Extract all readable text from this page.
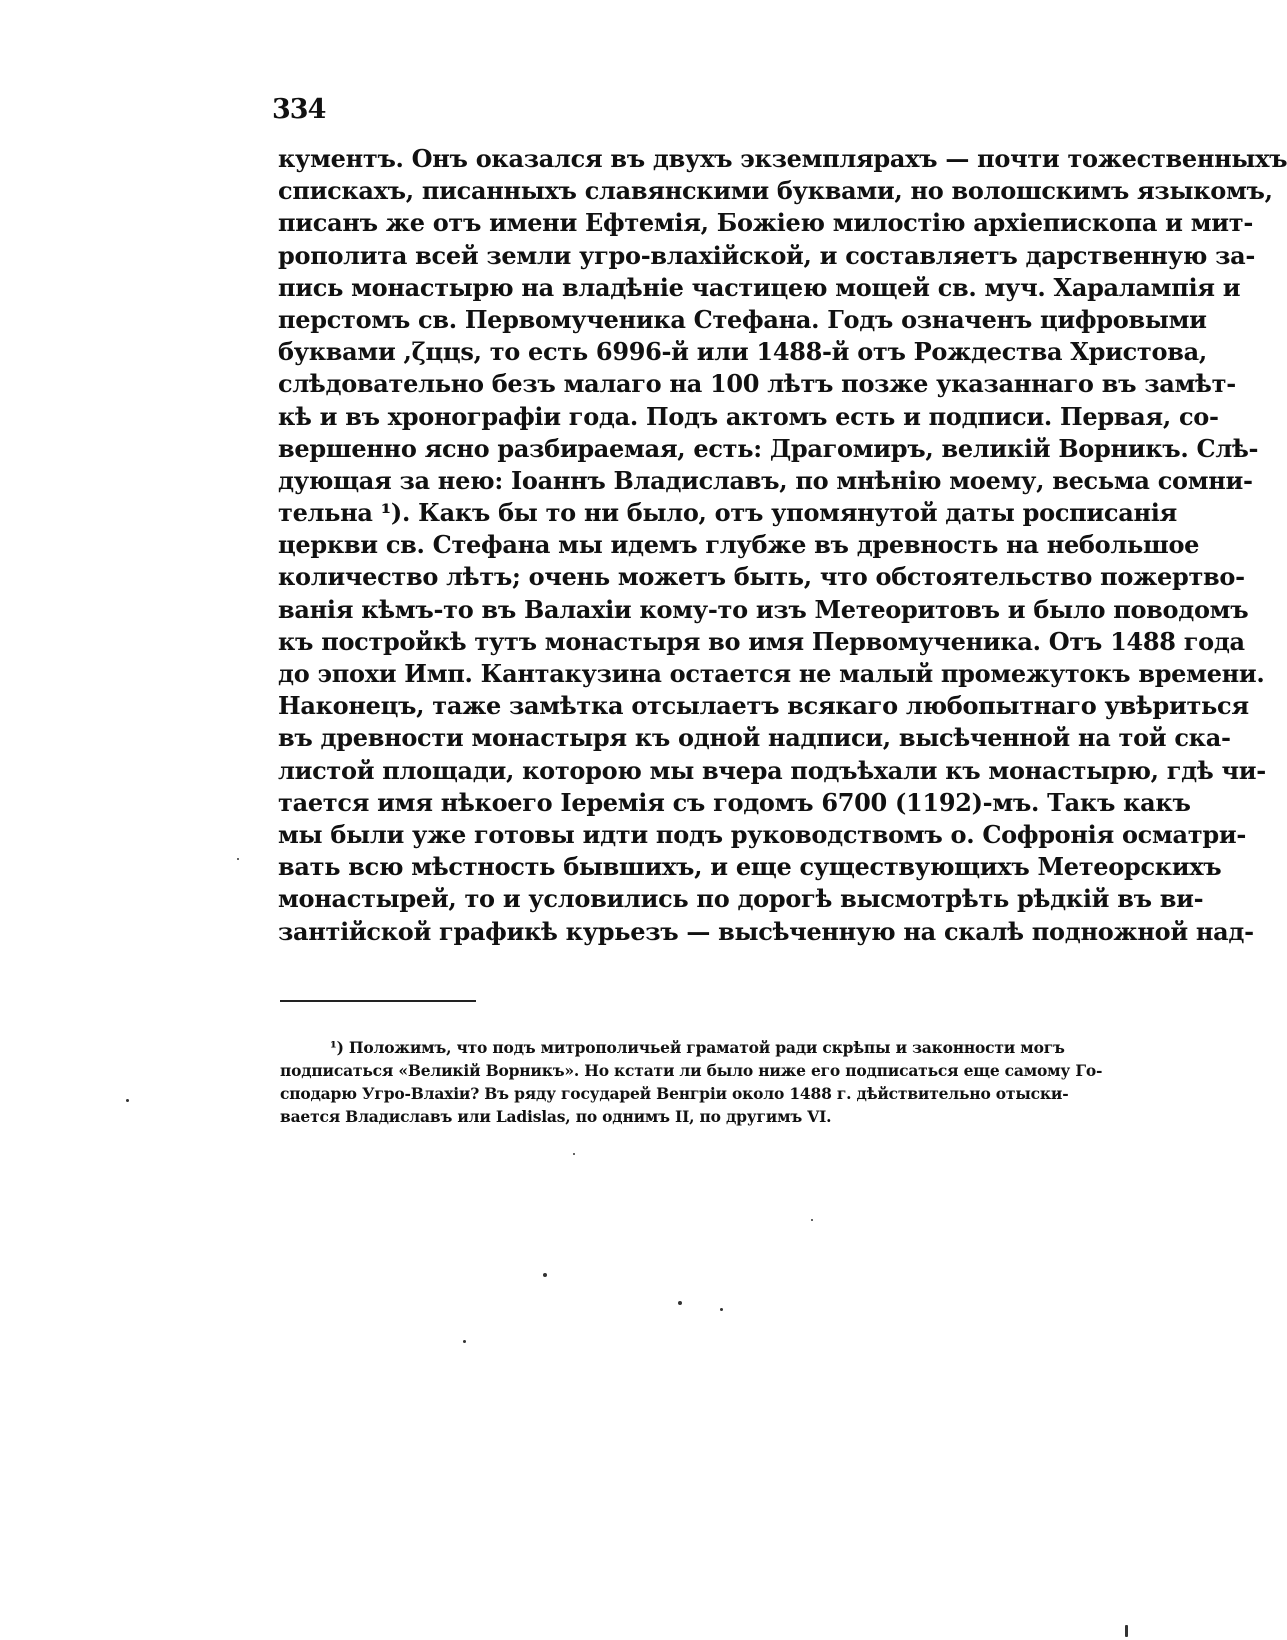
334
кументъ. Онъ оказался въ двухъ экземплярахъ — почти тожественныхъ
спискахъ, писанныхъ славянскими буквами, но волошскимъ языкомъ,
писанъ же отъ имени Ефтемія, Божіею милостію архіепископа и мит-
рополита всей земли угро-влахійской, и составляетъ дарственную за-
пись монастырю на владѣніе частицею мощей св. муч. Харалампія и
перстомъ св. Первомученика Стефана. Годъ означенъ цифровыми
буквами ,ζццs, то есть 6996-й или 1488-й отъ Рождества Христова,
слѣдовательно безъ малаго на 100 лѣтъ позже указаннаго въ замѣт-
кѣ и въ хронографіи года. Подъ актомъ есть и подписи. Первая, со-
вершенно ясно разбираемая, есть: Драгомиръ, великій Ворникъ. Слѣ-
дующая за нею: Іоаннъ Владиславъ, по мнѣнію моему, весьма сомни-
тельна ¹). Какъ бы то ни было, отъ упомянутой даты росписанія
церкви св. Стефана мы идемъ глубже въ древность на небольшое
количество лѣтъ; очень можетъ быть, что обстоятельство пожертво-
ванія кѣмъ-то въ Валахіи кому-то изъ Метеоритовъ и было поводомъ
къ постройкѣ тутъ монастыря во имя Первомученика. Отъ 1488 года
до эпохи Имп. Кантакузина остается не малый промежутокъ времени.
Наконецъ, таже замѣтка отсылаетъ всякаго любопытнаго увѣриться
въ древности монастыря къ одной надписи, высѣченной на той ска-
листой площади, которою мы вчера подъѣхали къ монастырю, гдѣ чи-
тается имя нѣкоего Іеремія съ годомъ 6700 (1192)-мъ. Такъ какъ
мы были уже готовы идти подъ руководствомъ о. Софронія осматри-
вать всю мѣстность бывшихъ, и еще существующихъ Метеорскихъ
монастырей, то и условились по дорогѣ высмотрѣть рѣдкій въ ви-
зантійской графикѣ курьезъ — высѣченную на скалѣ подножной над-
¹) Положимъ, что подъ митрополичьей граматой ради скрѣпы и законности могъ
подписаться «Великій Ворникъ». Но кстати ли было ниже его подписаться еще самому Го-
сподарю Угро-Влахіи? Въ ряду государей Венгріи около 1488 г. дѣйствительно отыски-
вается Владиславъ или Ladislas, по однимъ II, по другимъ VI.
